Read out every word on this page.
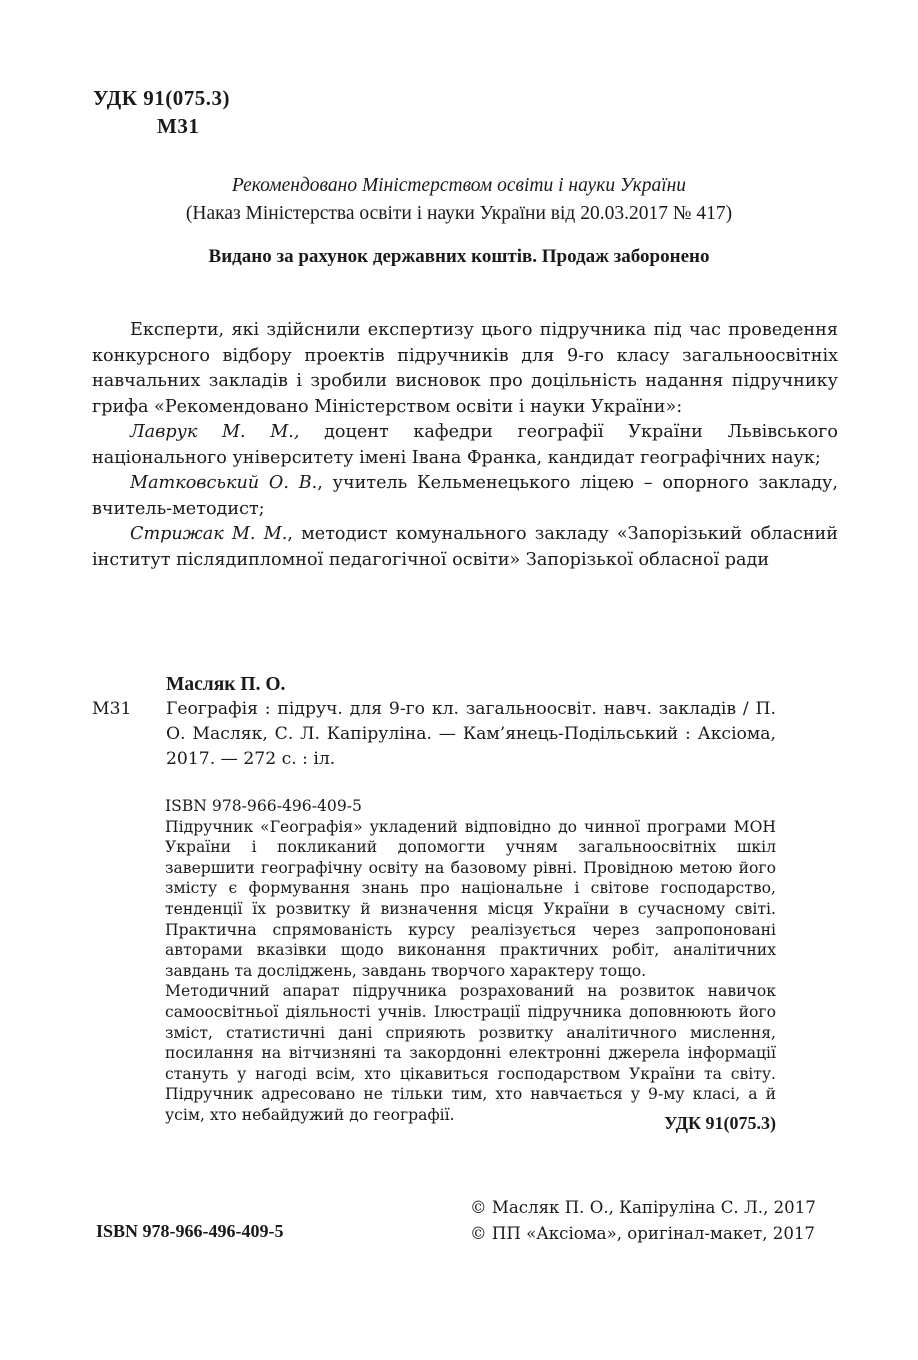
УДК 91(075.3)
М31
Рекомендовано Міністерством освіти і науки України
(Наказ Міністерства освіти і науки України від 20.03.2017 № 417)
Видано за рахунок державних коштів. Продаж заборонено

Експерти, які здійснили експертизу цього підручника під час проведення конкурсного відбору проектів підручників для 9-го класу загальноосвітніх навчальних закладів і зробили висновок про доцільність надання підручнику грифа «Рекомендовано Міністерством освіти і науки України»:

Лаврук М. М., доцент кафедри географії України Львівського національного університету імені Івана Франка, кандидат географічних наук;

Матковський О. В., учитель Кельменецького ліцею – опорного закладу, вчитель-методист;

Стрижак М. М., методист комунального закладу «Запорізький обласний інститут післядипломної педагогічної освіти» Запорізької обласної ради

Масляк П. О.
М31 Географія : підруч. для 9-го кл. загальноосвіт. навч. закладів / П. О. Масляк, С. Л. Капіруліна. — Кам’янець-Подільський : Аксіома, 2017. — 272 с. : іл.
ISBN 978-966-496-409-5

Підручник «Географія» укладений відповідно до чинної програми МОН України і покликаний допомогти учням загальноосвітніх шкіл завершити географічну освіту на базовому рівні. Провідною метою його змісту є формування знань про національне і світове господарство, тенденції їх розвитку й визначення місця України в сучасному світі. Практична спрямованість курсу реалізується через запропоновані авторами вказівки щодо виконання практичних робіт, аналітичних завдань та досліджень, завдань творчого характеру тощо.

Методичний апарат підручника розрахований на розвиток навичок самоосвітньої діяльності учнів. Ілюстрації підручника доповнюють його зміст, статистичні дані сприяють розвитку аналітичного мислення, посилання на вітчизняні та закордонні електронні джерела інформації стануть у нагоді всім, хто цікавиться господарством України та світу. Підручник адресовано не тільки тим, хто навчається у 9-му класі, а й усім, хто небайдужий до географії.	УДК 91(075.3)
© Масляк П. О., Капіруліна С. Л., 2017
© ПП «Аксіома», оригінал-макет, 2017
ISBN 978-966-496-409-5
